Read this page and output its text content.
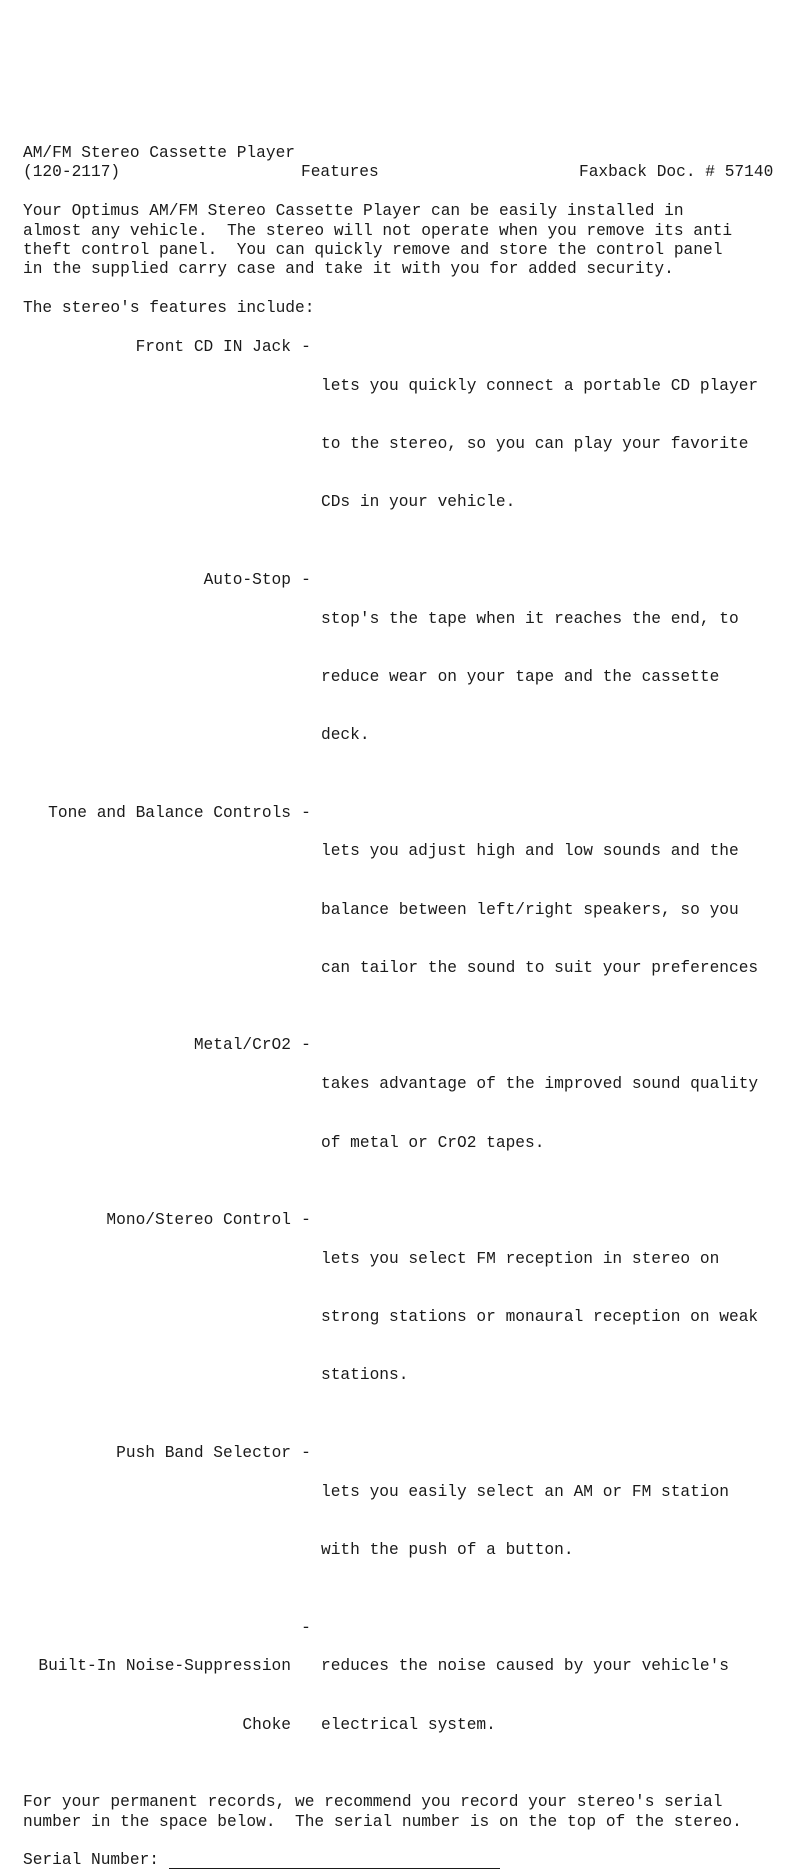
AM/FM Stereo Cassette Player
(120-2117)	Features	Faxback Doc. # 57140
Your Optimus AM/FM Stereo Cassette Player can be easily installed in
almost any vehicle.  The stereo will not operate when you remove its anti
theft control panel.  You can quickly remove and store the control panel
in the supplied carry case and take it with you for added security.
The stereo's features include:
Front CD IN Jack -

lets you quickly connect a portable CD player

to the stereo, so you can play your favorite

CDs in your vehicle.

Auto-Stop -

stop's the tape when it reaches the end, to

reduce wear on your tape and the cassette

deck.

Tone and Balance Controls -

lets you adjust high and low sounds and the

balance between left/right speakers, so you

can tailor the sound to suit your preferences

Metal/CrO2 -

takes advantage of the improved sound quality

of metal or CrO2 tapes.

Mono/Stereo Control -

lets you select FM reception in stereo on

strong stations or monaural reception on weak

stations.

Push Band Selector -

lets you easily select an AM or FM station

with the push of a button.

Built-In Noise-Suppression

Choke

-

reduces the noise caused by your vehicle's

electrical system.

For your permanent records, we recommend you record your stereo's serial
number in the space below.  The serial number is on the top of the stereo.
Serial Number:
